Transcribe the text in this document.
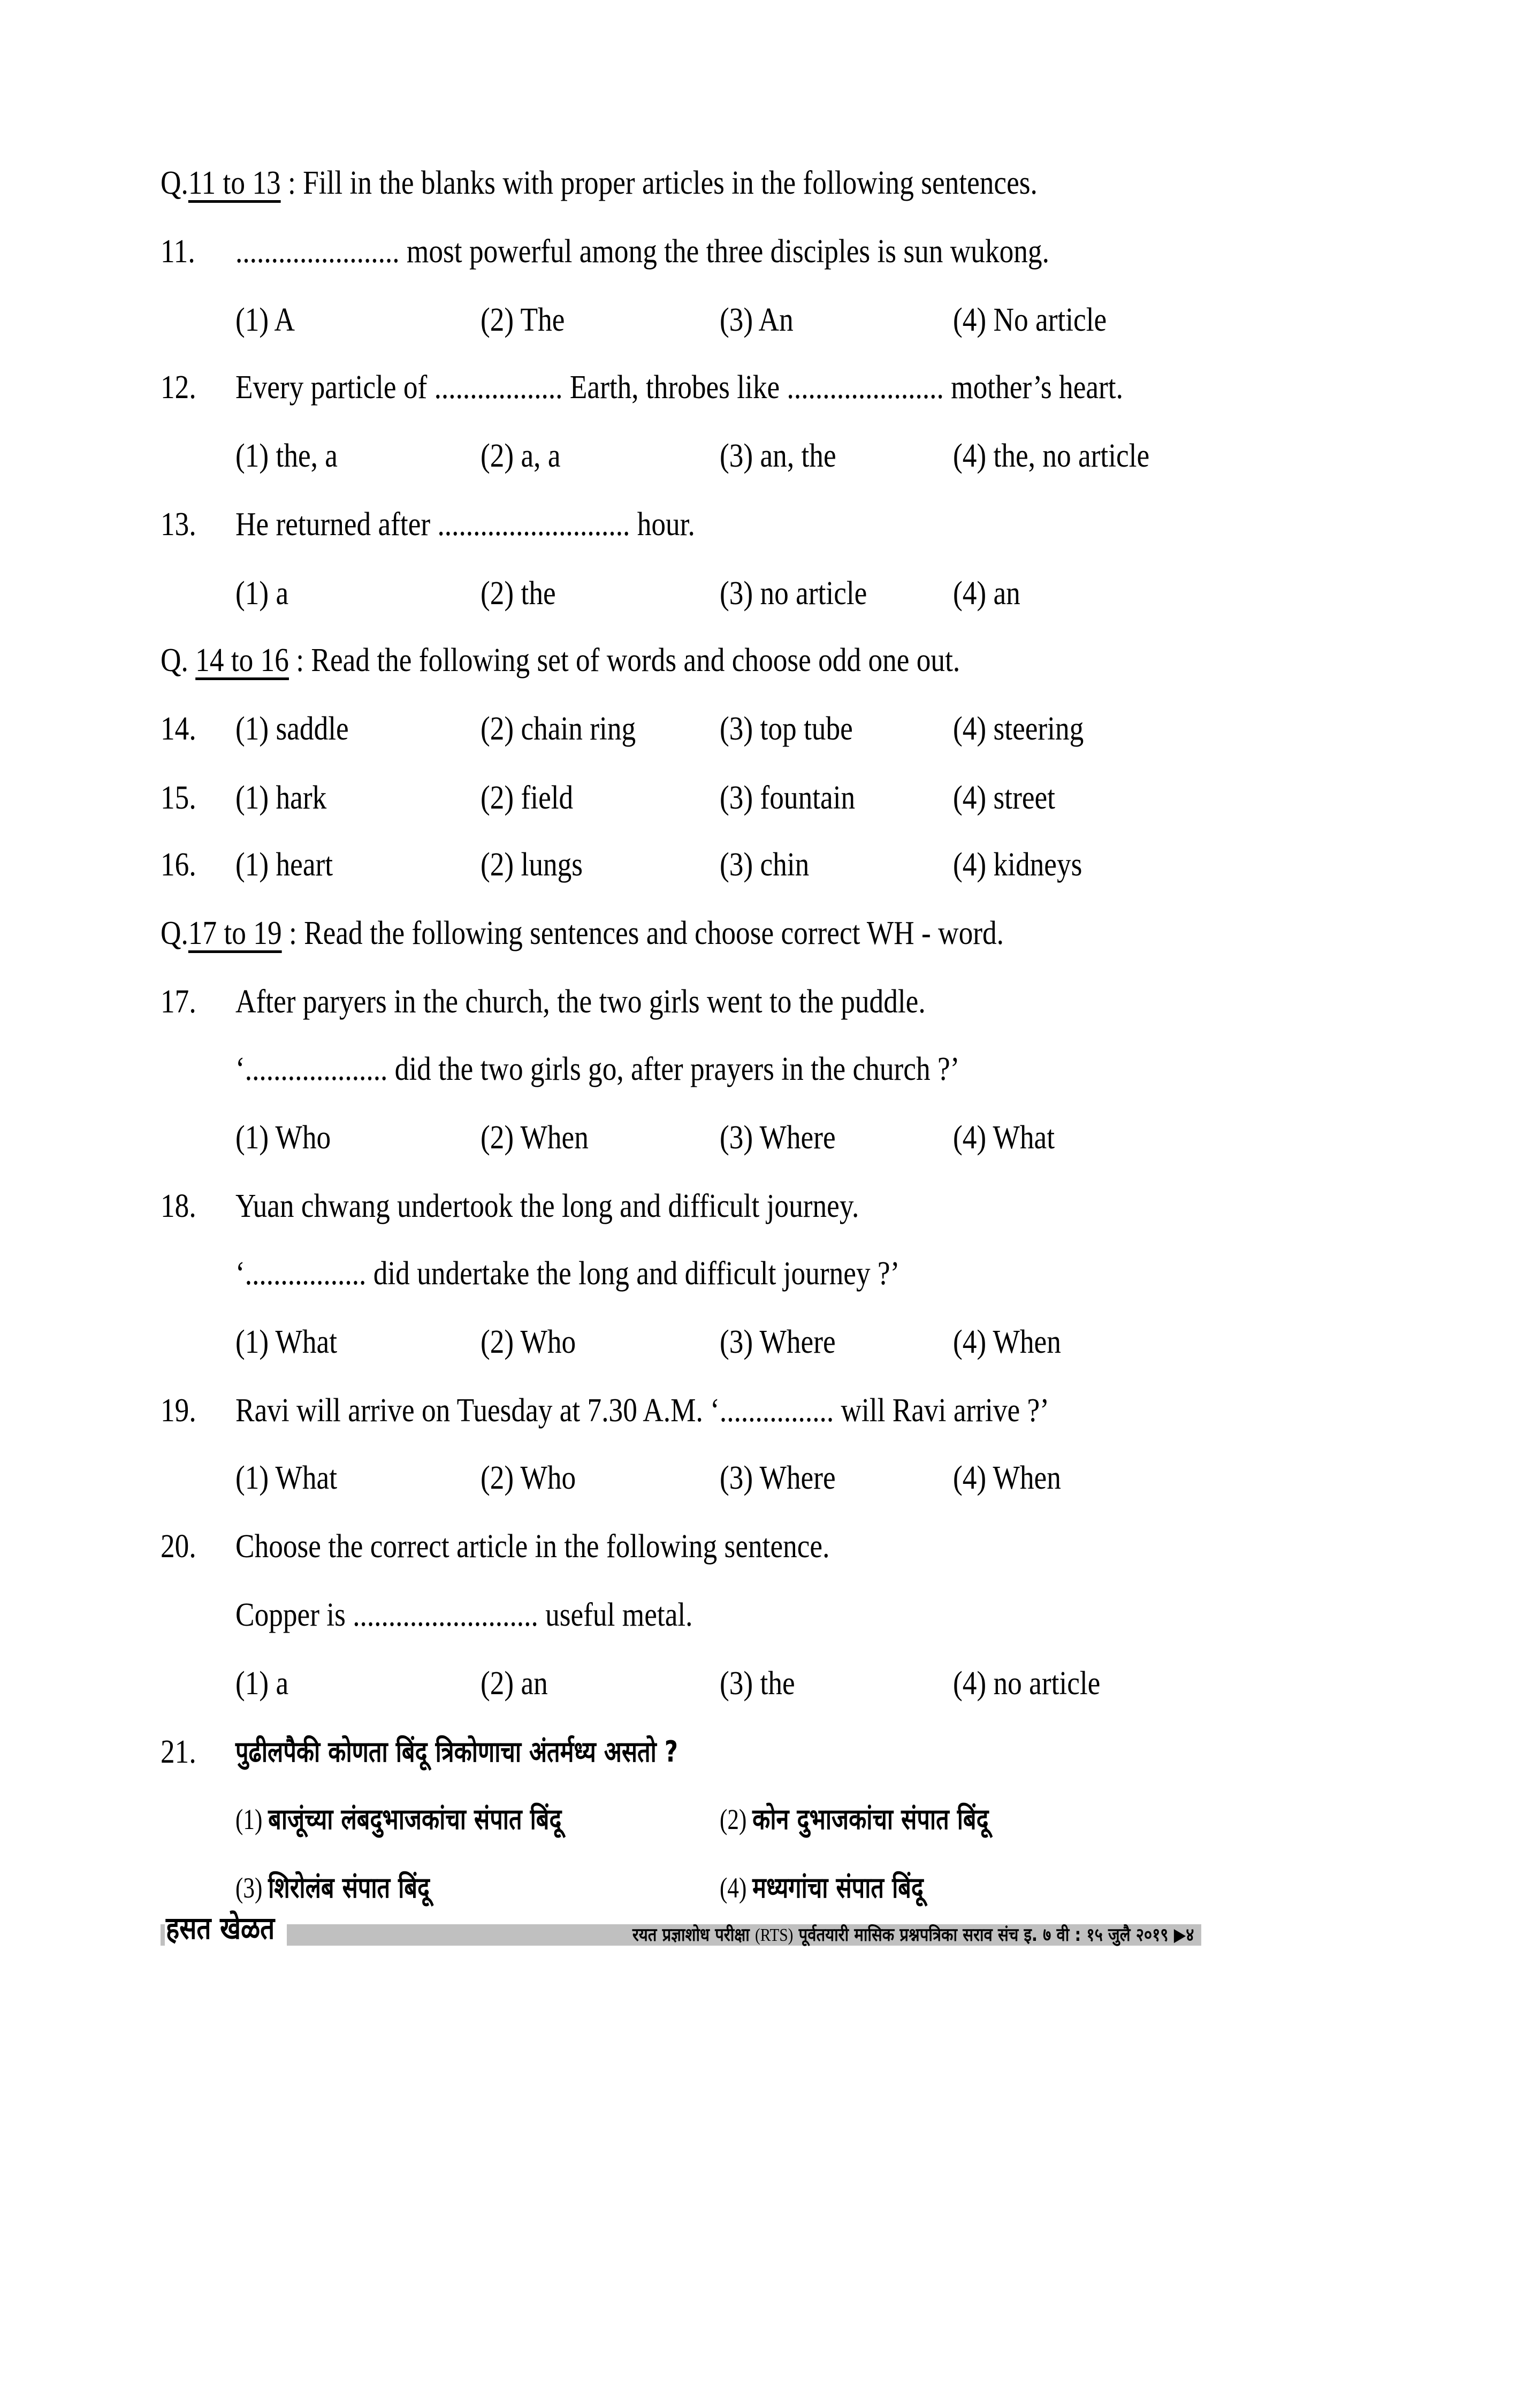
Q.11 to 13 : Fill in the blanks with proper articles in the following sentences.
11. ....................... most powerful among the three disciples is sun wukong.
(1) A	(2) The	(3) An	(4) No article
12. Every particle of .................. Earth, throbes like ...................... mother’s heart.
(1) the, a	(2) a, a	(3) an, the	(4) the, no article
13. He returned after ........................... hour.
(1) a	(2) the	(3) no article	(4) an
Q. 14 to 16 : Read the following set of words and choose odd one out.
14. (1) saddle	(2) chain ring	(3) top tube	(4) steering
15. (1) hark	(2) field	(3) fountain	(4) street
16. (1) heart	(2) lungs	(3) chin	(4) kidneys
Q.17 to 19 : Read the following sentences and choose correct WH - word.
17. After paryers in the church, the two girls went to the puddle.
‘.................... did the two girls go, after prayers in the church ?’
(1) Who	(2) When	(3) Where	(4) What
18. Yuan chwang undertook the long and difficult journey.
‘................. did undertake the long and difficult journey ?’
(1) What	(2) Who	(3) Where	(4) When
19. Ravi will arrive on Tuesday at 7.30 A.M. ‘................ will Ravi arrive ?’
(1) What	(2) Who	(3) Where	(4) When
20. Choose the correct article in the following sentence.
Copper is .......................... useful metal.
(1) a	(2) an	(3) the	(4) no article
21. पुढीलपैकी कोणता बिंदू त्रिकोणाचा अंतर्मध्य असतो ?
(1) बाजूंच्या लंबदुभाजकांचा संपात बिंदू	(2) कोन दुभाजकांचा संपात बिंदू
(3) शिरोलंब संपात बिंदू	(4) मध्यगांचा संपात बिंदू
हसत खेळत	रयत प्रज्ञाशोध परीक्षा (RTS) पूर्वतयारी मासिक प्रश्नपत्रिका सराव संच इ. ७ वी : १५ जुलै २०१९ ▶४
